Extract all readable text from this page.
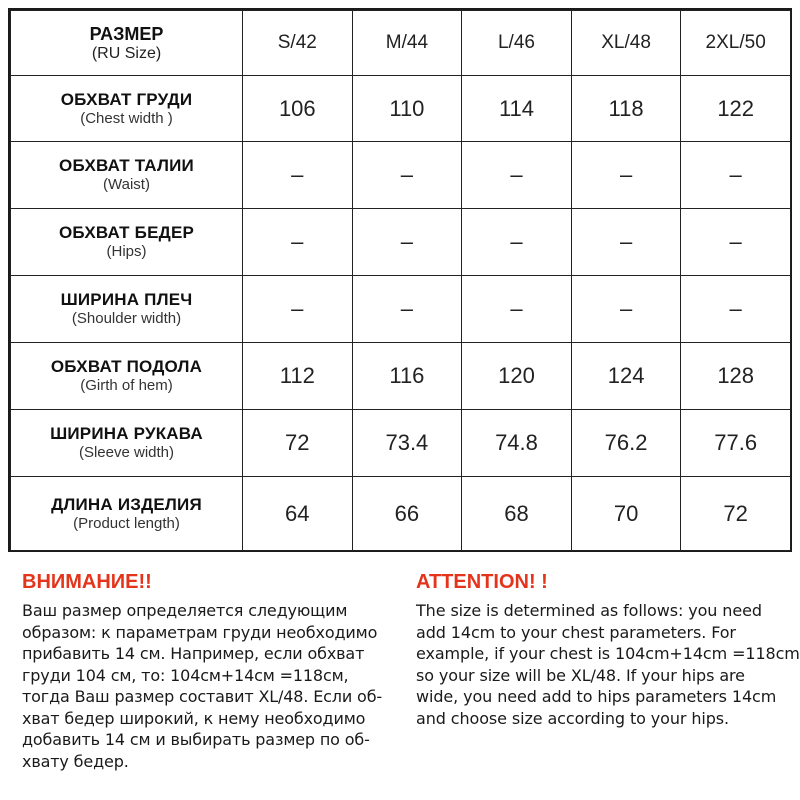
РАЗМЕР
(RU Size)	S/42	M/44	L/46	XL/48	2XL/50

ОБХВАТ ГРУДИ
(Chest width )	106	110	114	118	122

ОБХВАТ ТАЛИИ
(Waist)	–	–	–	–	–

ОБХВАТ БЕДЕР
(Hips)	–	–	–	–	–

ШИРИНА ПЛЕЧ
(Shoulder width)	–	–	–	–	–

ОБХВАТ ПОДОЛА
(Girth of hem)	112	116	120	124	128

ШИРИНА РУКАВА
(Sleeve width)	72	73.4	74.8	76.2	77.6

ДЛИНА ИЗДЕЛИЯ
(Product length)	64	66	68	70	72

ВНИМАНИЕ!!

Ваш размер определяется следующим
образом: к параметрам груди необходимо
прибавить 14 см. Например, если обхват
груди 104 см, то: 104см+14см =118см,
тогда Ваш размер составит XL/48. Если об-
хват бедер широкий, к нему необходимо
добавить 14 см и выбирать размер по об-
хвату бедер.

ATTENTION! !

The size is determined as follows: you need
add 14cm to your chest parameters. For
example, if your chest is 104cm+14cm =118cm
so your size will be XL/48. If your hips are
wide, you need add to hips parameters 14cm
and choose size according to your hips.
